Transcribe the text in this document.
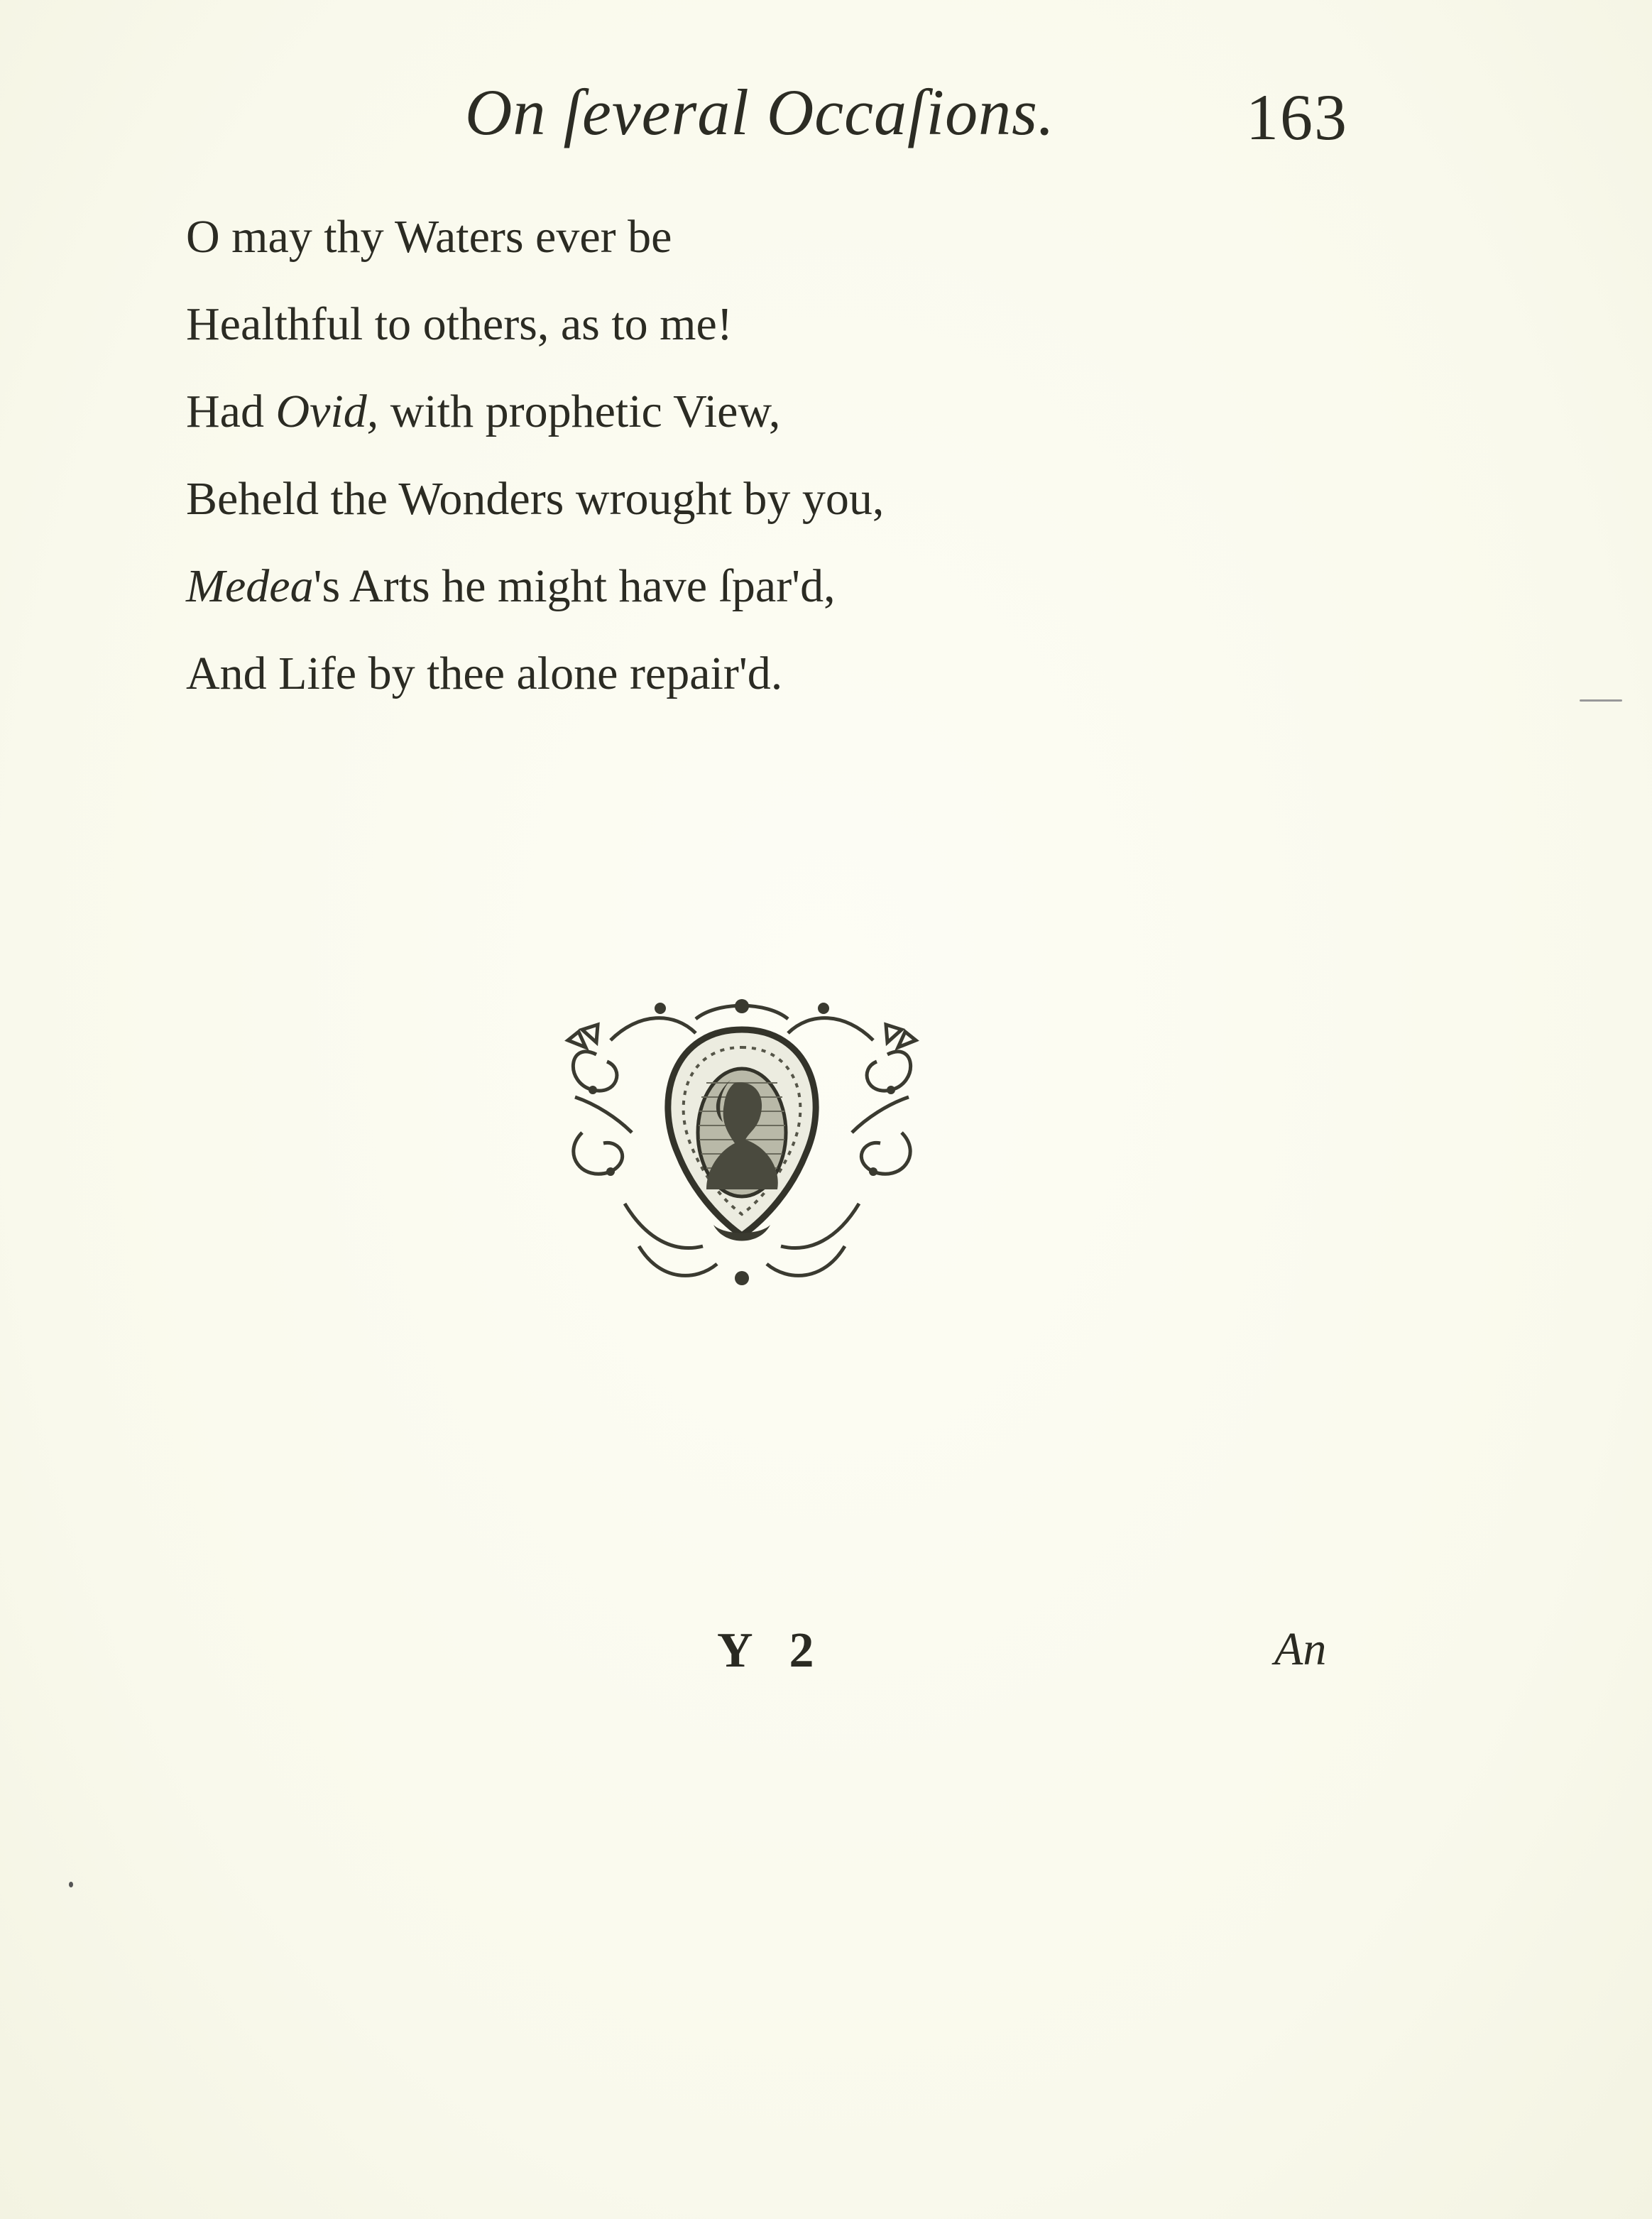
On ſeveral Occaſions.	163
O may thy Waters ever be
Healthful to others, as to me!
Had Ovid, with prophetic View,
Beheld the Wonders wrought by you,
Medea's Arts he might have ſpar'd,
And Life by thee alone repair'd.
Y 2	An
